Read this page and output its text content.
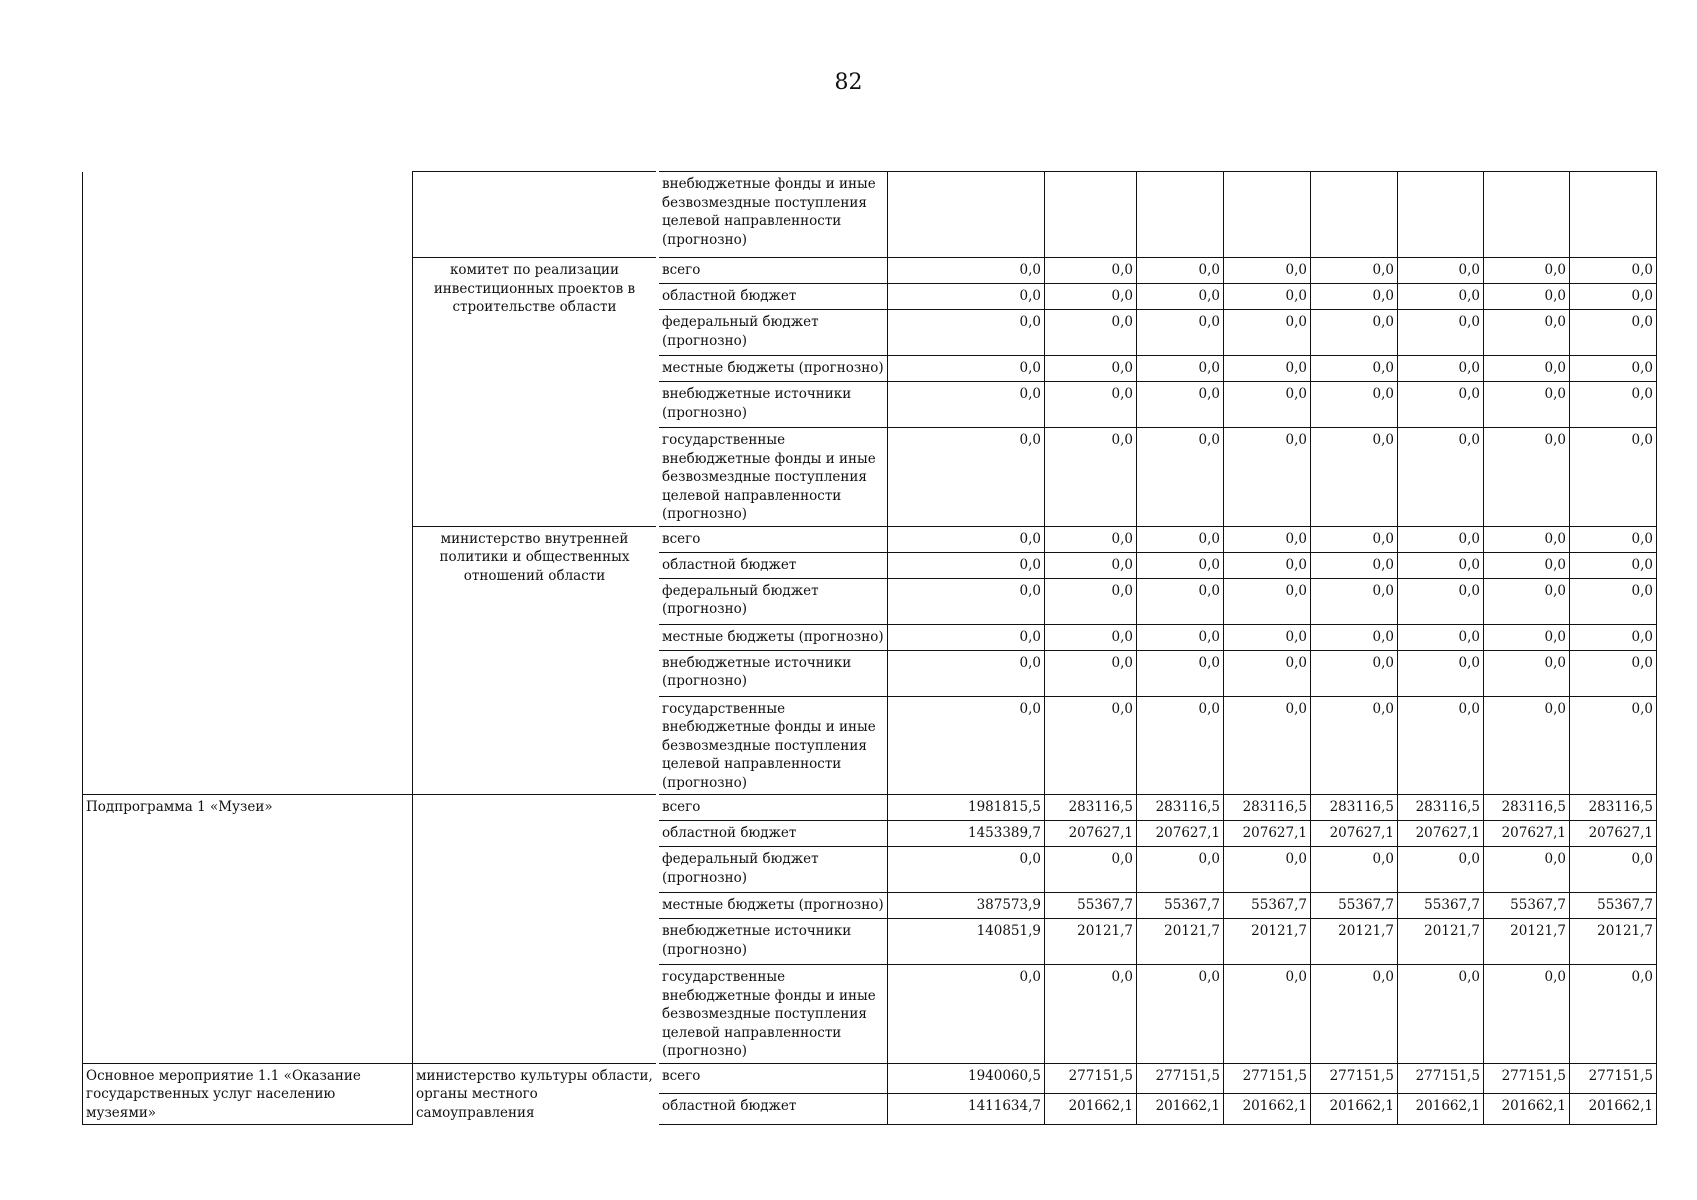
82
		внебюджетные фонды и иные безвозмездные поступления целевой направленности (прогнозно)								
	комитет по реализации инвестиционных проектов в строительстве области	всего	0,0	0,0	0,0	0,0	0,0	0,0	0,0	0,0
		областной бюджет	0,0	0,0	0,0	0,0	0,0	0,0	0,0	0,0
		федеральный бюджет (прогнозно)	0,0	0,0	0,0	0,0	0,0	0,0	0,0	0,0
		местные бюджеты (прогнозно)	0,0	0,0	0,0	0,0	0,0	0,0	0,0	0,0
		внебюджетные источники (прогнозно)	0,0	0,0	0,0	0,0	0,0	0,0	0,0	0,0
		государственные внебюджетные фонды и иные безвозмездные поступления целевой направленности (прогнозно)	0,0	0,0	0,0	0,0	0,0	0,0	0,0	0,0
	министерство внутренней политики и общественных отношений области	всего	0,0	0,0	0,0	0,0	0,0	0,0	0,0	0,0
		областной бюджет	0,0	0,0	0,0	0,0	0,0	0,0	0,0	0,0
		федеральный бюджет (прогнозно)	0,0	0,0	0,0	0,0	0,0	0,0	0,0	0,0
		местные бюджеты (прогнозно)	0,0	0,0	0,0	0,0	0,0	0,0	0,0	0,0
		внебюджетные источники (прогнозно)	0,0	0,0	0,0	0,0	0,0	0,0	0,0	0,0
		государственные внебюджетные фонды и иные безвозмездные поступления целевой направленности (прогнозно)	0,0	0,0	0,0	0,0	0,0	0,0	0,0	0,0
Подпрограмма 1 «Музеи»		всего	1981815,5	283116,5	283116,5	283116,5	283116,5	283116,5	283116,5	283116,5
		областной бюджет	1453389,7	207627,1	207627,1	207627,1	207627,1	207627,1	207627,1	207627,1
		федеральный бюджет (прогнозно)	0,0	0,0	0,0	0,0	0,0	0,0	0,0	0,0
		местные бюджеты (прогнозно)	387573,9	55367,7	55367,7	55367,7	55367,7	55367,7	55367,7	55367,7
		внебюджетные источники (прогнозно)	140851,9	20121,7	20121,7	20121,7	20121,7	20121,7	20121,7	20121,7
		государственные внебюджетные фонды и иные безвозмездные поступления целевой направленности (прогнозно)	0,0	0,0	0,0	0,0	0,0	0,0	0,0	0,0
Основное мероприятие 1.1 «Оказание государственных услуг населению музеями»	министерство культуры области, органы местного самоуправления	всего	1940060,5	277151,5	277151,5	277151,5	277151,5	277151,5	277151,5	277151,5
		областной бюджет	1411634,7	201662,1	201662,1	201662,1	201662,1	201662,1	201662,1	201662,1
